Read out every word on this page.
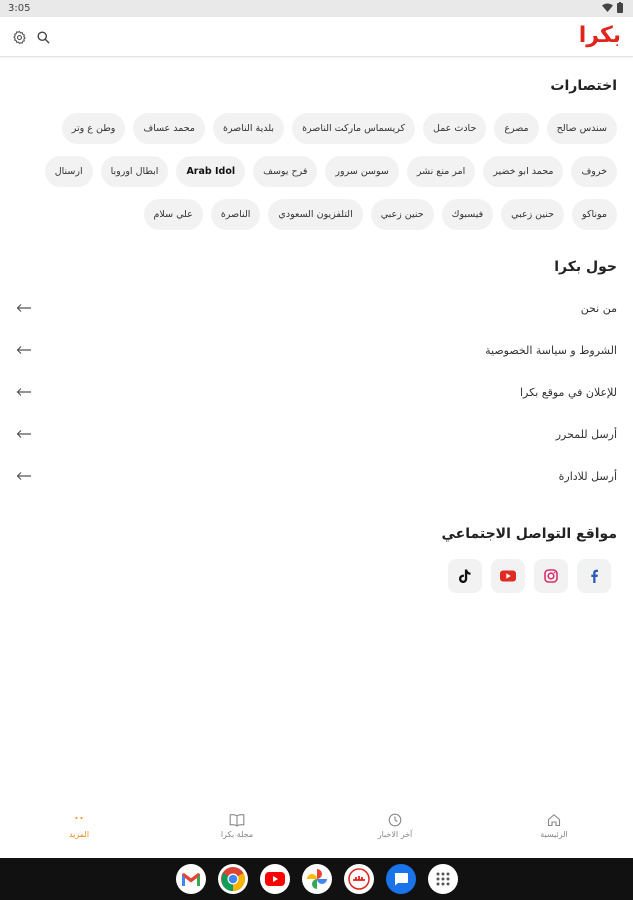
3:05
بكرا
اختصارات
سندس صالح
مصرع
حادث عمل
كريسماس ماركت الناصرة
بلدية الناصرة
محمد عساف
وطن ع وتر
خروف
محمد ابو خضير
امر منع نشر
سوسن سرور
فرح يوسف
Arab Idol
ابطال اوروبا
ارسنال
موناكو
حنين زعبي
فيسبوك
حنين زعبي
التلفزيون السعودي
الناصرة
علي سلام
حول بكرا
من نحن
الشروط و سياسة الخصوصية
للإعلان في موقع بكرا
أرسل للمحرر
أرسل للادارة
مواقع التواصل الاجتماعي
الرئيسية
آخر الاخبار
مجلة بكرا
المزيد
